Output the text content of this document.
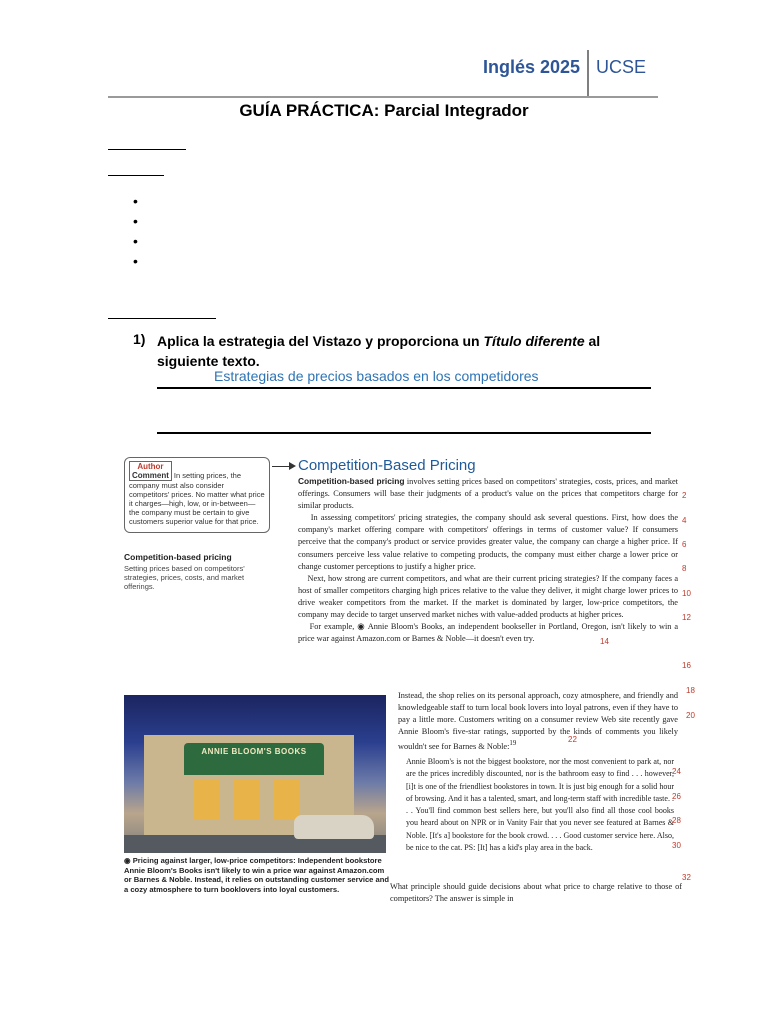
Inglés 2025 UCSE
GUÍA PRÁCTICA: Parcial Integrador
•
•
•
•
1) Aplica la estrategia del Vistazo y proporciona un Título diferente al siguiente texto.
Estrategias de precios basados en los competidores
Author
Comment In setting prices, the company must also consider competitors' prices. No matter what price it charges—high, low, or in-between—the company must be certain to give customers superior value for that price.
Competition-Based Pricing
Competition-based pricing
Setting prices based on competitors' strategies, prices, costs, and market offerings.
Competition-based pricing involves setting prices based on competitors' strategies, costs, prices, and market offerings. Consumers will base their judgments of a product's value on the prices that competitors charge for similar products.
In assessing competitors' pricing strategies, the company should ask several questions. First, how does the company's market offering compare with competitors' offerings in terms of customer value? If consumers perceive that the company's product or service provides greater value, the company can charge a higher price. If consumers perceive less value relative to competing products, the company must either charge a lower price or change customer perceptions to justify a higher price.
Next, how strong are current competitors, and what are their current pricing strategies? If the company faces a host of smaller competitors charging high prices relative to the value they deliver, it might charge lower prices to drive weaker competitors from the market. If the market is dominated by larger, low-price competitors, the company may decide to target unserved market niches with value-added products at higher prices.
For example, ◉ Annie Bloom's Books, an independent bookseller in Portland, Oregon, isn't likely to win a price war against Amazon.com or Barnes & Noble—it doesn't even try.
Instead, the shop relies on its personal approach, cozy atmosphere, and friendly and knowledgeable staff to turn local book lovers into loyal patrons, even if they have to pay a little more. Customers writing on a consumer review Web site recently gave Annie Bloom's five-star ratings, supported by the kinds of comments you likely wouldn't see for Barnes & Noble:$^{19}$
Annie Bloom's is not the biggest bookstore, nor the most convenient to park at, nor are the prices incredibly discounted, nor is the bathroom easy to find . . . however, [i]t is one of the friendliest bookstores in town. It is just big enough for a solid hour of browsing. And it has a talented, smart, and long-term staff with incredible taste. . . . You'll find common best sellers here, but you'll also find all those cool books you heard about on NPR or in Vanity Fair that you never see featured at Barnes & Noble. [It's a] bookstore for the book crowd. . . . Good customer service here. Also, be nice to the cat. PS: [It] has a kid's play area in the back.
What principle should guide decisions about what price to charge relative to those of competitors? The answer is simple in
ANNIE BLOOM'S BOOKS
◉ Pricing against larger, low-price competitors: Independent bookstore Annie Bloom's Books isn't likely to win a price war against Amazon.com or Barnes & Noble. Instead, it relies on outstanding customer service and a cozy atmosphere to turn booklovers into loyal customers.
2
4
6
8
10
12
14
16
18
20
22
24
26
28
30
32
